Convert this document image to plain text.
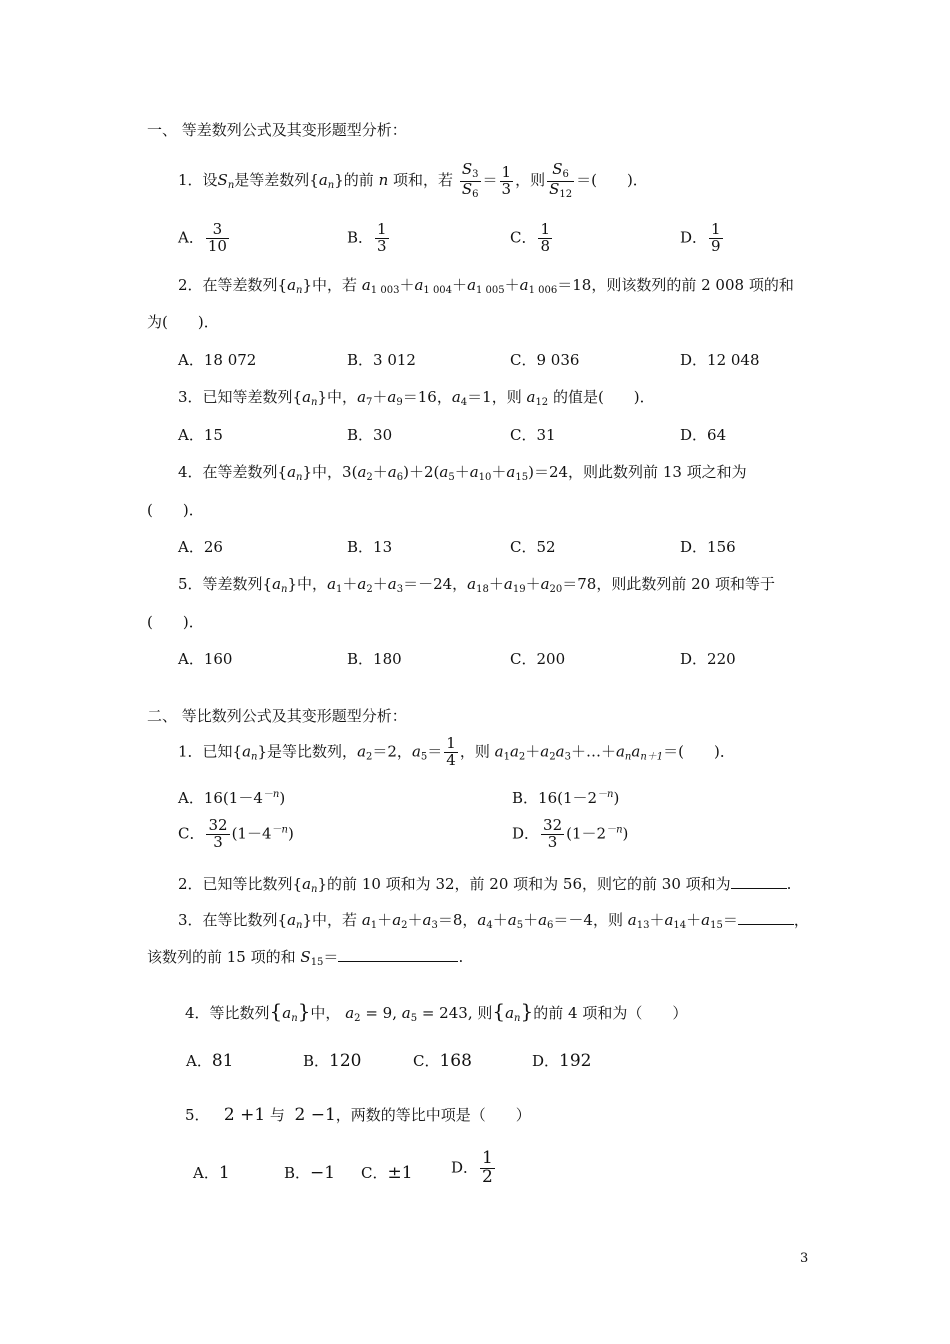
一、 等差数列公式及其变形题型分析：
1．设$S_n$是等差数列$\{a_n\}$的前 n 项和，若 $\frac{S_3}{S_6} = \frac{1}{3}$ ，则 $\frac{S_6}{S_{12}}$ ＝(　　)．
A． $\frac{3}{10}$	B． $\frac{1}{3}$	C． $\frac{1}{8}$	D． $\frac{1}{9}$
2．在等差数列$\{a_n\}$中，若 $a_{1 003}+a_{1 004}+a_{1 005}+a_{1 006}=18$，则该数列的前 2 008 项的和
为(　　)．
A．18 072	B．3 012	C．9 036	D．12 048
3．已知等差数列$\{a_n\}$中，$a_7+a_9=16$，$a_4=1$，则 $a_{12}$ 的值是(　　)．
A．15	B．30	C．31	D．64
4．在等差数列$\{a_n\}$中，$3(a_2+a_6)+2(a_5+a_{10}+a_{15})=24$，则此数列前 13 项之和为
(　　)．
A．26	B．13	C．52	D．156
5．等差数列$\{a_n\}$中，$a_1+a_2+a_3=-24$，$a_{18}+a_{19}+a_{20}=78$，则此数列前 20 项和等于
(　　)．
A．160	B．180	C．200	D．220
二、 等比数列公式及其变形题型分析：
1．已知$\{a_n\}$是等比数列，$a_2=2$，$a_5= \frac{1}{4}$ ，则 $a_1a_2+a_2a_3+\dots+a_na_{n+1}=$(　　)．
A．$16(1-4^{-n})$	B．$16(1-2^{-n})$
C． $\frac{32}{3} (1-4^{-n})$	D． $\frac{32}{3} (1-2^{-n})$
2．已知等比数列$\{a_n\}$的前 10 项和为 32，前 20 项和为 56，则它的前 30 项和为	.
3．在等比数列$\{a_n\}$中，若 $a_1+a_2+a_3=8$，$a_4+a_5+a_6=-4$，则 $a_{13}+a_{14}+a_{15}=$	，
该数列的前 15 项的和 $S_{15}=$	.
4．等比数列$\{a_n\}$中， $a_2 = 9$, $a_5 = 243$, 则$\{a_n\}$的前 4 项和为（　　）
A．81	B．120	C．168	D．192
5． 2 +1 与 2 −1，两数的等比中项是（　　）
A．1	B．−1 C．±1	D． $\frac{1}{2}$
3
